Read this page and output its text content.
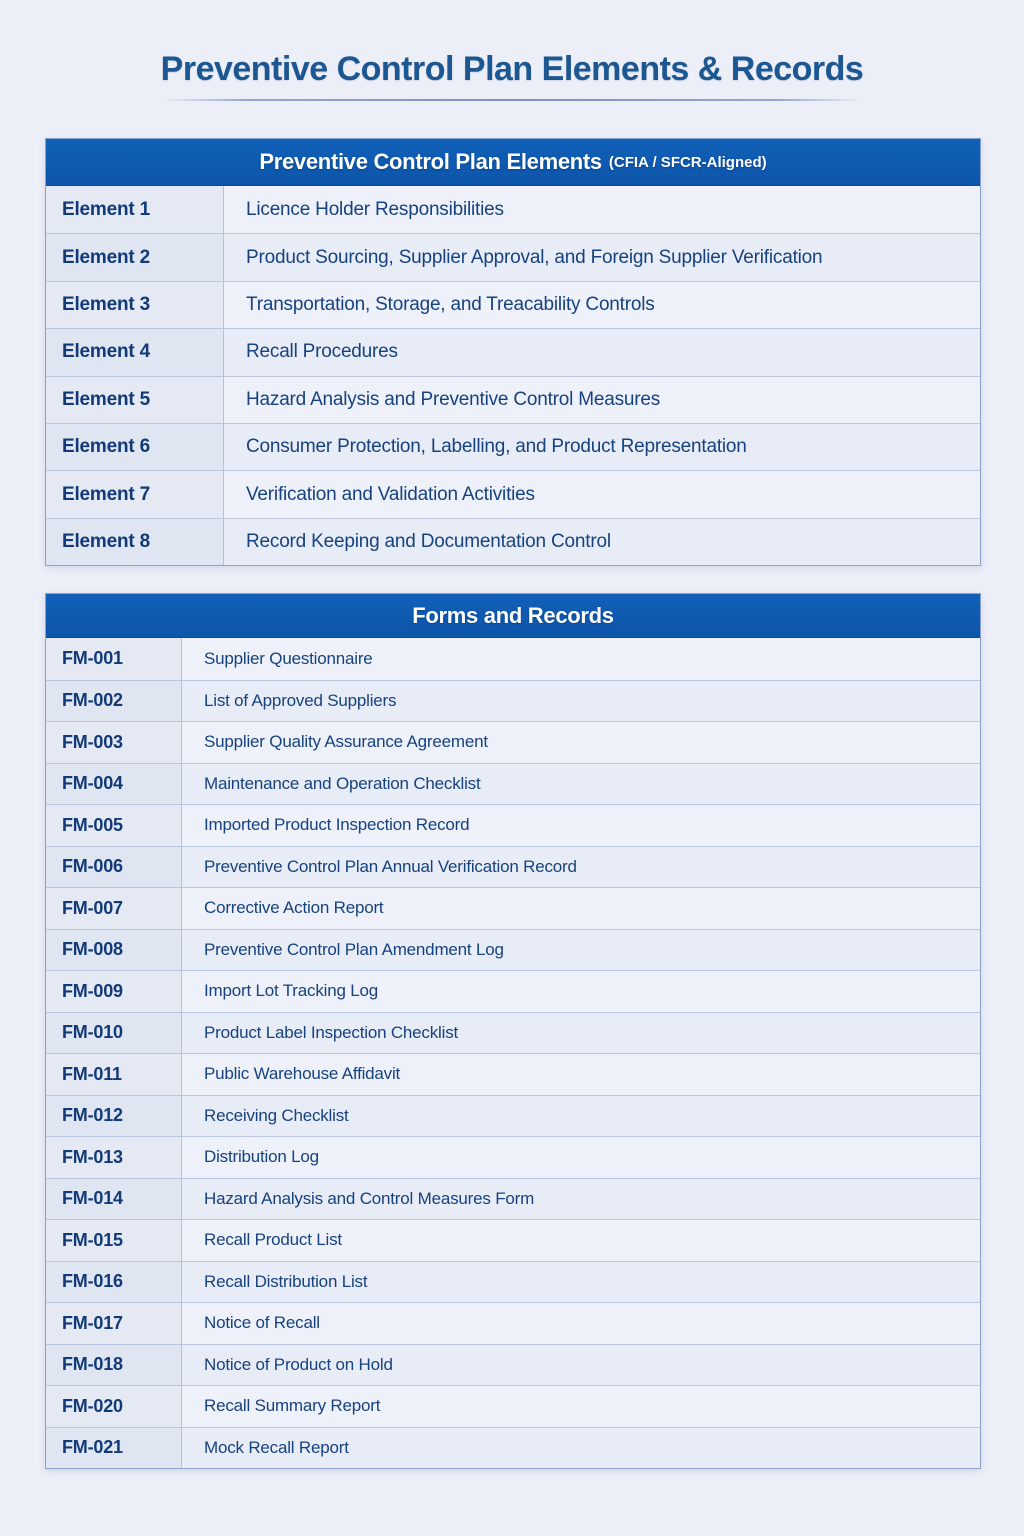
Preventive Control Plan Elements & Records
Preventive Control Plan Elements (CFIA / SFCR-Aligned)
Element 1	Licence Holder Responsibilities
Element 2	Product Sourcing, Supplier Approval, and Foreign Supplier Verification
Element 3	Transportation, Storage, and Treacability Controls
Element 4	Recall Procedures
Element 5	Hazard Analysis and Preventive Control Measures
Element 6	Consumer Protection, Labelling, and Product Representation
Element 7	Verification and Validation Activities
Element 8	Record Keeping and Documentation Control
Forms and Records
FM-001	Supplier Questionnaire
FM-002	List of Approved Suppliers
FM-003	Supplier Quality Assurance Agreement
FM-004	Maintenance and Operation Checklist
FM-005	Imported Product Inspection Record
FM-006	Preventive Control Plan Annual Verification Record
FM-007	Corrective Action Report
FM-008	Preventive Control Plan Amendment Log
FM-009	Import Lot Tracking Log
FM-010	Product Label Inspection Checklist
FM-011	Public Warehouse Affidavit
FM-012	Receiving Checklist
FM-013	Distribution Log
FM-014	Hazard Analysis and Control Measures Form
FM-015	Recall Product List
FM-016	Recall Distribution List
FM-017	Notice of Recall
FM-018	Notice of Product on Hold
FM-020	Recall Summary Report
FM-021	Mock Recall Report
